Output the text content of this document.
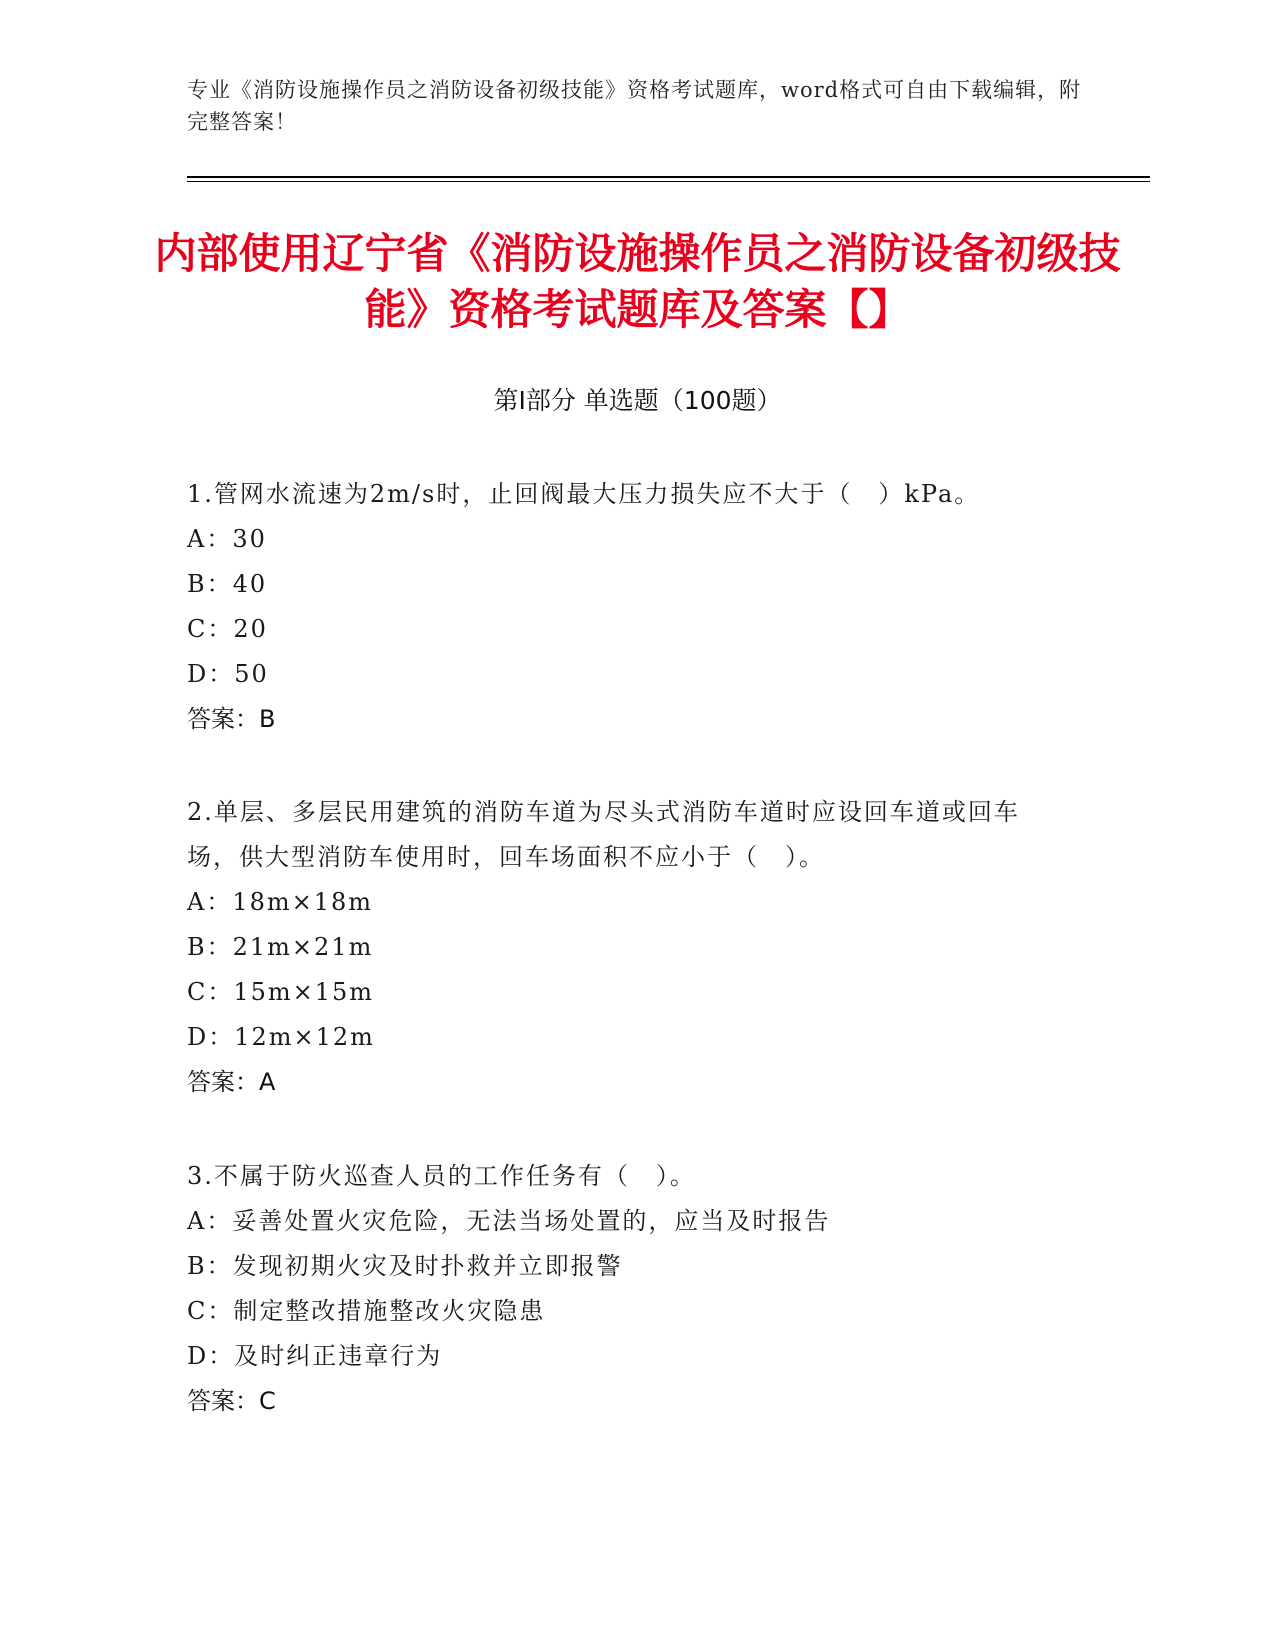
专业《消防设施操作员之消防设备初级技能》资格考试题库，word格式可自由下载编辑，附完整答案！
内部使用辽宁省《消防设施操作员之消防设备初级技能》资格考试题库及答案【】
第Ⅰ部分 单选题（100题）
1.管网水流速为2m/s时，止回阀最大压力损失应不大于（　）kPa。
A：30
B：40
C：20
D：50
答案：B
2.单层、多层民用建筑的消防车道为尽头式消防车道时应设回车道或回车场，供大型消防车使用时，回车场面积不应小于（　）。
A：18m×18m
B：21m×21m
C：15m×15m
D：12m×12m
答案：A
3.不属于防火巡查人员的工作任务有（　）。
A：妥善处置火灾危险，无法当场处置的，应当及时报告
B：发现初期火灾及时扑救并立即报警
C：制定整改措施整改火灾隐患
D：及时纠正违章行为
答案：C
